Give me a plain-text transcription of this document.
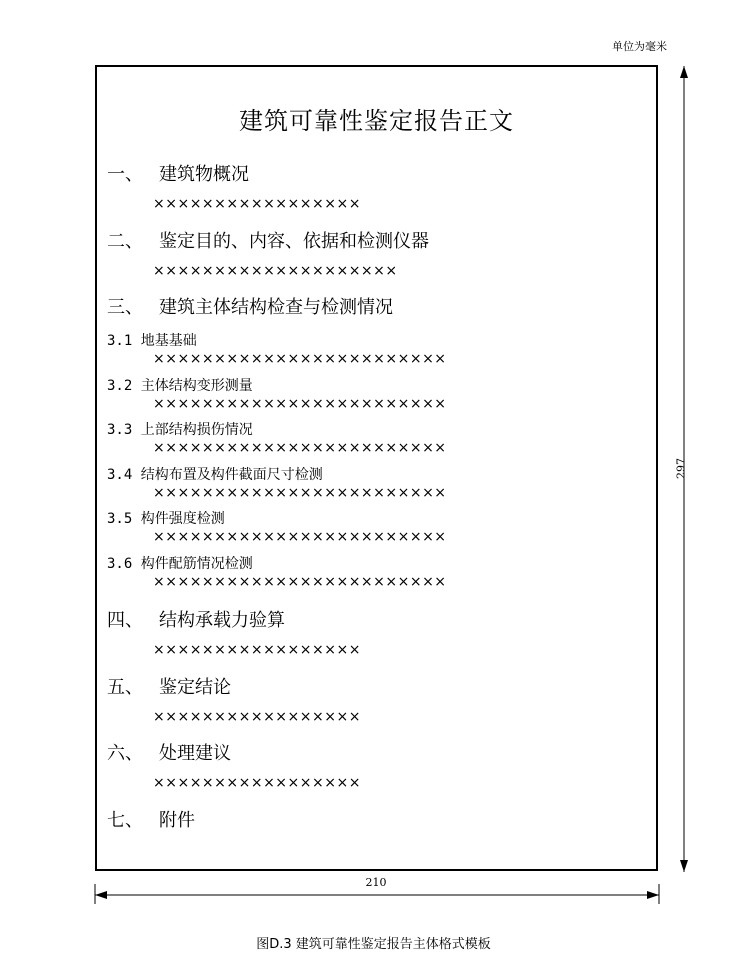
单位为毫米
建筑可靠性鉴定报告正文
一、 建筑物概况
×××××××××××××××××
二、 鉴定目的、内容、依据和检测仪器
××××××××××××××××××××
三、 建筑主体结构检查与检测情况
3.1 地基基础
××××××××××××××××××××××××
3.2 主体结构变形测量
××××××××××××××××××××××××
3.3 上部结构损伤情况
××××××××××××××××××××××××
3.4 结构布置及构件截面尺寸检测
××××××××××××××××××××××××
3.5 构件强度检测
××××××××××××××××××××××××
3.6 构件配筋情况检测
××××××××××××××××××××××××
四、 结构承载力验算
×××××××××××××××××
五、 鉴定结论
×××××××××××××××××
六、 处理建议
×××××××××××××××××
七、 附件
297
210
图D.3 建筑可靠性鉴定报告主体格式模板
